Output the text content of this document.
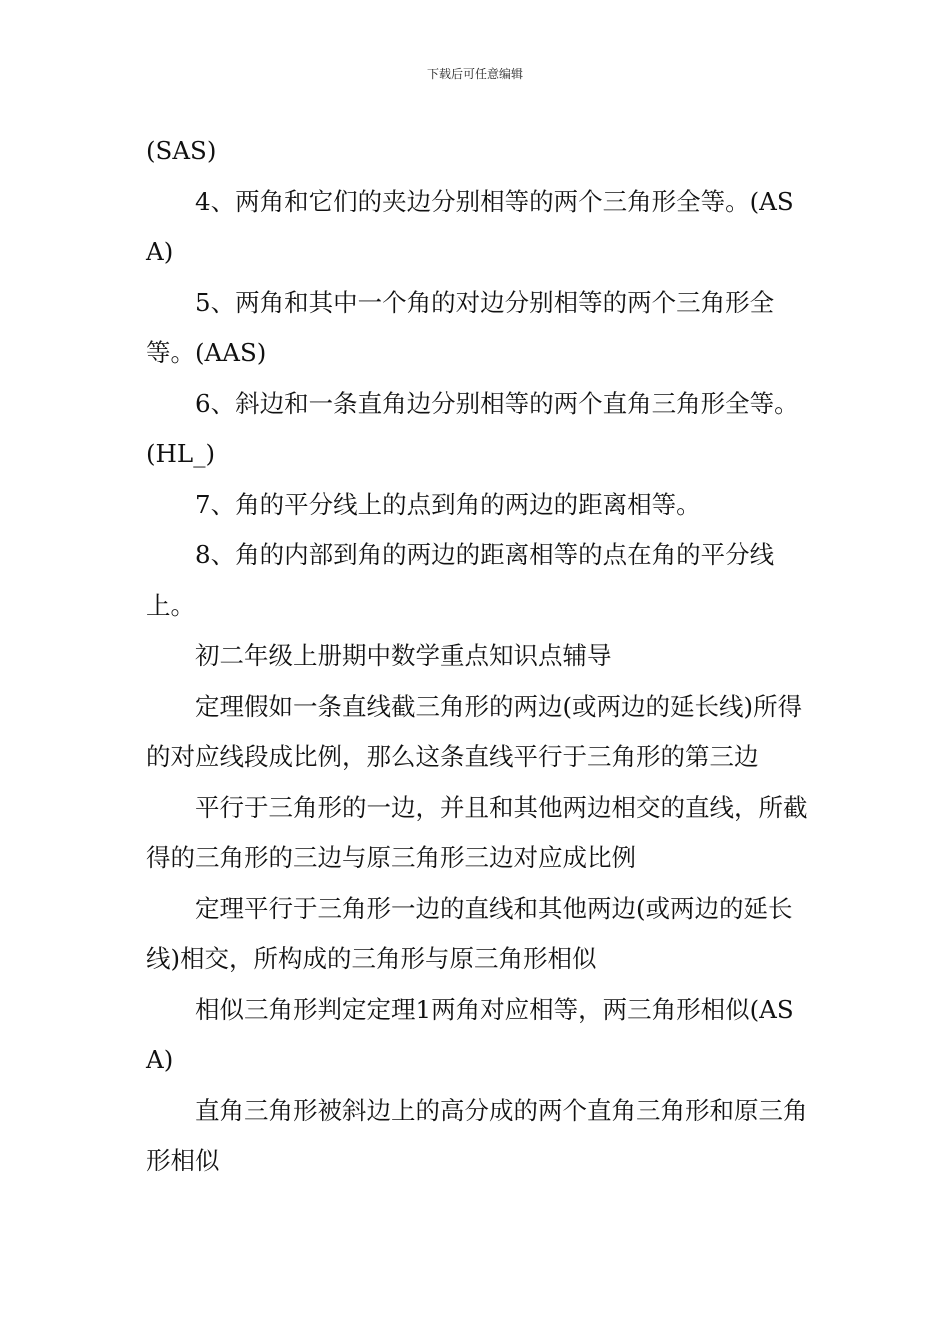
下载后可任意编辑

(SAS)

4、两角和它们的夹边分别相等的两个三角形全等。(ASA)

5、两角和其中一个角的对边分别相等的两个三角形全等。(AAS)

6、斜边和一条直角边分别相等的两个直角三角形全等。(HL_)

7、角的平分线上的点到角的两边的距离相等。

8、角的内部到角的两边的距离相等的点在角的平分线上。

初二年级上册期中数学重点知识点辅导

定理假如一条直线截三角形的两边(或两边的延长线)所得的对应线段成比例，那么这条直线平行于三角形的第三边

平行于三角形的一边，并且和其他两边相交的直线，所截得的三角形的三边与原三角形三边对应成比例

定理平行于三角形一边的直线和其他两边(或两边的延长线)相交，所构成的三角形与原三角形相似

相似三角形判定定理1两角对应相等，两三角形相似(ASA)

直角三角形被斜边上的高分成的两个直角三角形和原三角形相似
